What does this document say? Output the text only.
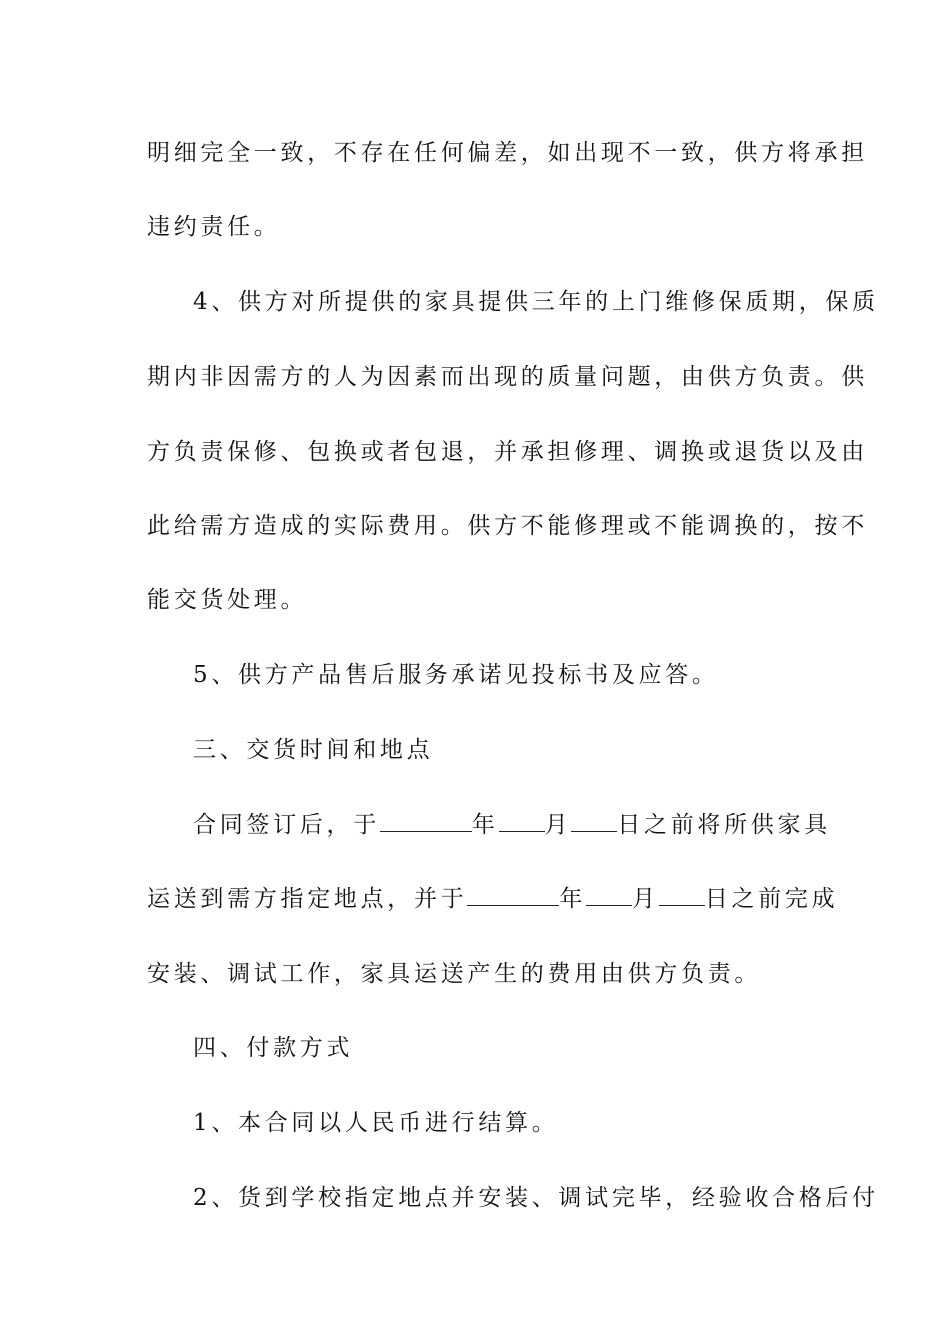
明细完全一致，不存在任何偏差，如出现不一致，供方将承担
违约责任。
4、供方对所提供的家具提供三年的上门维修保质期，保质
期内非因需方的人为因素而出现的质量问题，由供方负责。供
方负责保修、包换或者包退，并承担修理、调换或退货以及由
此给需方造成的实际费用。供方不能修理或不能调换的，按不
能交货处理。
5、供方产品售后服务承诺见投标书及应答。
三、交货时间和地点
合同签订后，于	年 月 日之前将所供家具
运送到需方指定地点，并于	年 月 日之前完成
安装、调试工作，家具运送产生的费用由供方负责。
四、付款方式
1、本合同以人民币进行结算。
2、货到学校指定地点并安装、调试完毕，经验收合格后付
